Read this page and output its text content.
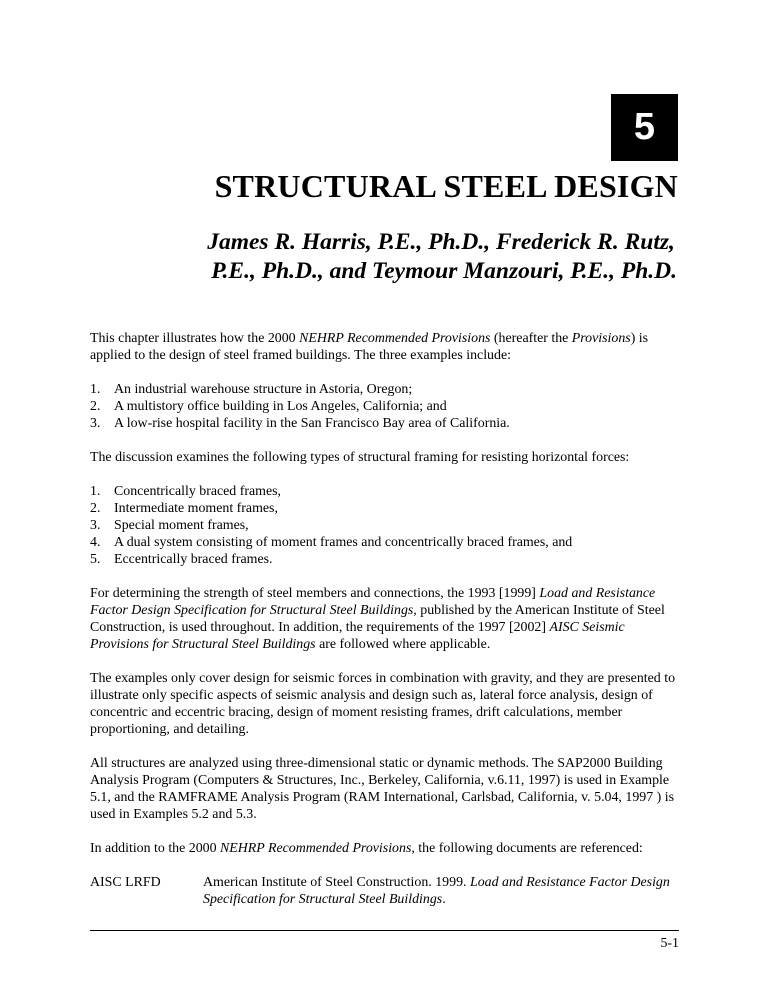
5
STRUCTURAL STEEL DESIGN
James R. Harris, P.E., Ph.D., Frederick R. Rutz,
P.E., Ph.D., and Teymour Manzouri, P.E., Ph.D.

This chapter illustrates how the 2000 NEHRP Recommended Provisions (hereafter the Provisions) is applied to the design of steel framed buildings. The three examples include:

1. An industrial warehouse structure in Astoria, Oregon;
2. A multistory office building in Los Angeles, California; and
3. A low-rise hospital facility in the San Francisco Bay area of California.

The discussion examines the following types of structural framing for resisting horizontal forces:

1. Concentrically braced frames,
2. Intermediate moment frames,
3. Special moment frames,
4. A dual system consisting of moment frames and concentrically braced frames, and
5. Eccentrically braced frames.

For determining the strength of steel members and connections, the 1993 [1999] Load and Resistance Factor Design Specification for Structural Steel Buildings, published by the American Institute of Steel Construction, is used throughout. In addition, the requirements of the 1997 [2002] AISC Seismic Provisions for Structural Steel Buildings are followed where applicable.

The examples only cover design for seismic forces in combination with gravity, and they are presented to illustrate only specific aspects of seismic analysis and design such as, lateral force analysis, design of concentric and eccentric bracing, design of moment resisting frames, drift calculations, member proportioning, and detailing.

All structures are analyzed using three-dimensional static or dynamic methods. The SAP2000 Building Analysis Program (Computers & Structures, Inc., Berkeley, California, v.6.11, 1997) is used in Example 5.1, and the RAMFRAME Analysis Program (RAM International, Carlsbad, California, v. 5.04, 1997 ) is used in Examples 5.2 and 5.3.

In addition to the 2000 NEHRP Recommended Provisions, the following documents are referenced:

AISC LRFD	American Institute of Steel Construction. 1999. Load and Resistance Factor Design Specification for Structural Steel Buildings.
5-1
